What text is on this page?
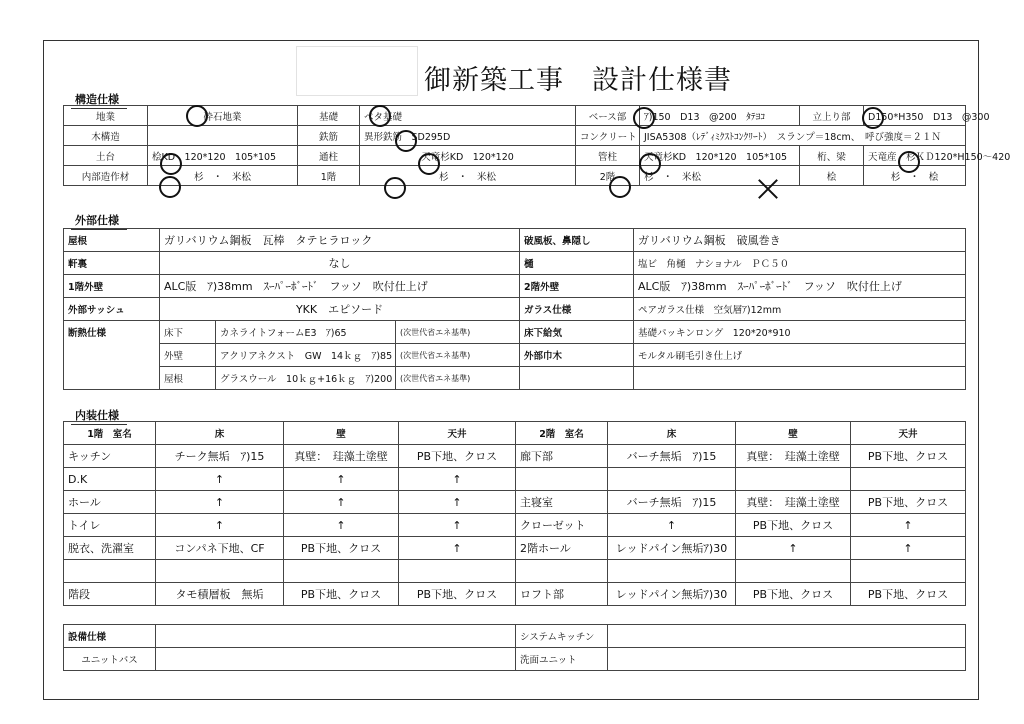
御新築工事　設計仕様書
構造仕様
地業	砕石地業	基礎	ベタ基礎	ベース部	ｱ)150　D13　@200　ﾀﾃﾖｺ	立上り部	D150*H350　D13　@300
木構造		鉄筋	異形鉄筋　SD295D	コンクリート	JISA5308（ﾚﾃﾞｨﾐｸｽﾄｺﾝｸﾘｰﾄ）　スランプ＝18cm、　呼び強度＝２１Ｎ		
土台	桧KD　120*120　105*105	通柱	天竜杉KD　120*120	管柱	天竜杉KD　120*120　105*105	桁、梁	天竜産　杉ＫＤ120*H150～420
内部造作材	杉　・　米松	1階	杉　・　米松	2階	杉　・　米松	桧	杉　・　桧
外部仕様
屋根	ガリバリウム鋼板　瓦棒　タテヒラロック			破風板、鼻隠し	ガリバリウム鋼板　破風巻き
軒裏	なし			樋	塩ビ　角樋　ナショナル　ＰＣ５０
1階外壁	ALC版　ｱ)38mm　ｽｰﾊﾟｰﾎﾞｰﾄﾞ　フッソ　吹付仕上げ			2階外壁	ALC版　ｱ)38mm　ｽｰﾊﾟｰﾎﾞｰﾄﾞ　フッソ　吹付仕上げ
外部サッシュ	YKK　エピソード			ガラス仕様	ペアガラス仕様　空気層ｱ)12mm
断熱仕様	床下	カネライトフォームE3　ｱ)65	(次世代省エネ基準)	床下給気	基礎パッキンロング　120*20*910
	外壁	アクリアネクスト　GW　14ｋｇ　ｱ)85	(次世代省エネ基準)	外部巾木	モルタル刷毛引き仕上げ
	屋根	グラスウール　10ｋｇ+16ｋｇ　ｱ)200	(次世代省エネ基準)		
内装仕様
1階　室名	床	壁	天井	2階　室名	床	壁	天井
キッチン	チーク無垢　ｱ)15	真壁：　珪藻土塗壁	PB下地、クロス	廊下部	バーチ無垢　ｱ)15	真壁：　珪藻土塗壁	PB下地、クロス
D.K	↑	↑	↑				
ホール	↑	↑	↑	主寝室	バーチ無垢　ｱ)15	真壁：　珪藻土塗壁	PB下地、クロス
トイレ	↑	↑	↑	クローゼット	↑	PB下地、クロス	↑
脱衣、洗濯室	コンパネ下地、CF	PB下地、クロス	↑	2階ホール	レッドパイン無垢ｱ)30	↑	↑

階段	タモ積層板　無垢	PB下地、クロス	PB下地、クロス	ロフト部	レッドパイン無垢ｱ)30	PB下地、クロス	PB下地、クロス
設備仕様		システムキッチン	
ユニットバス		洗面ユニット	
